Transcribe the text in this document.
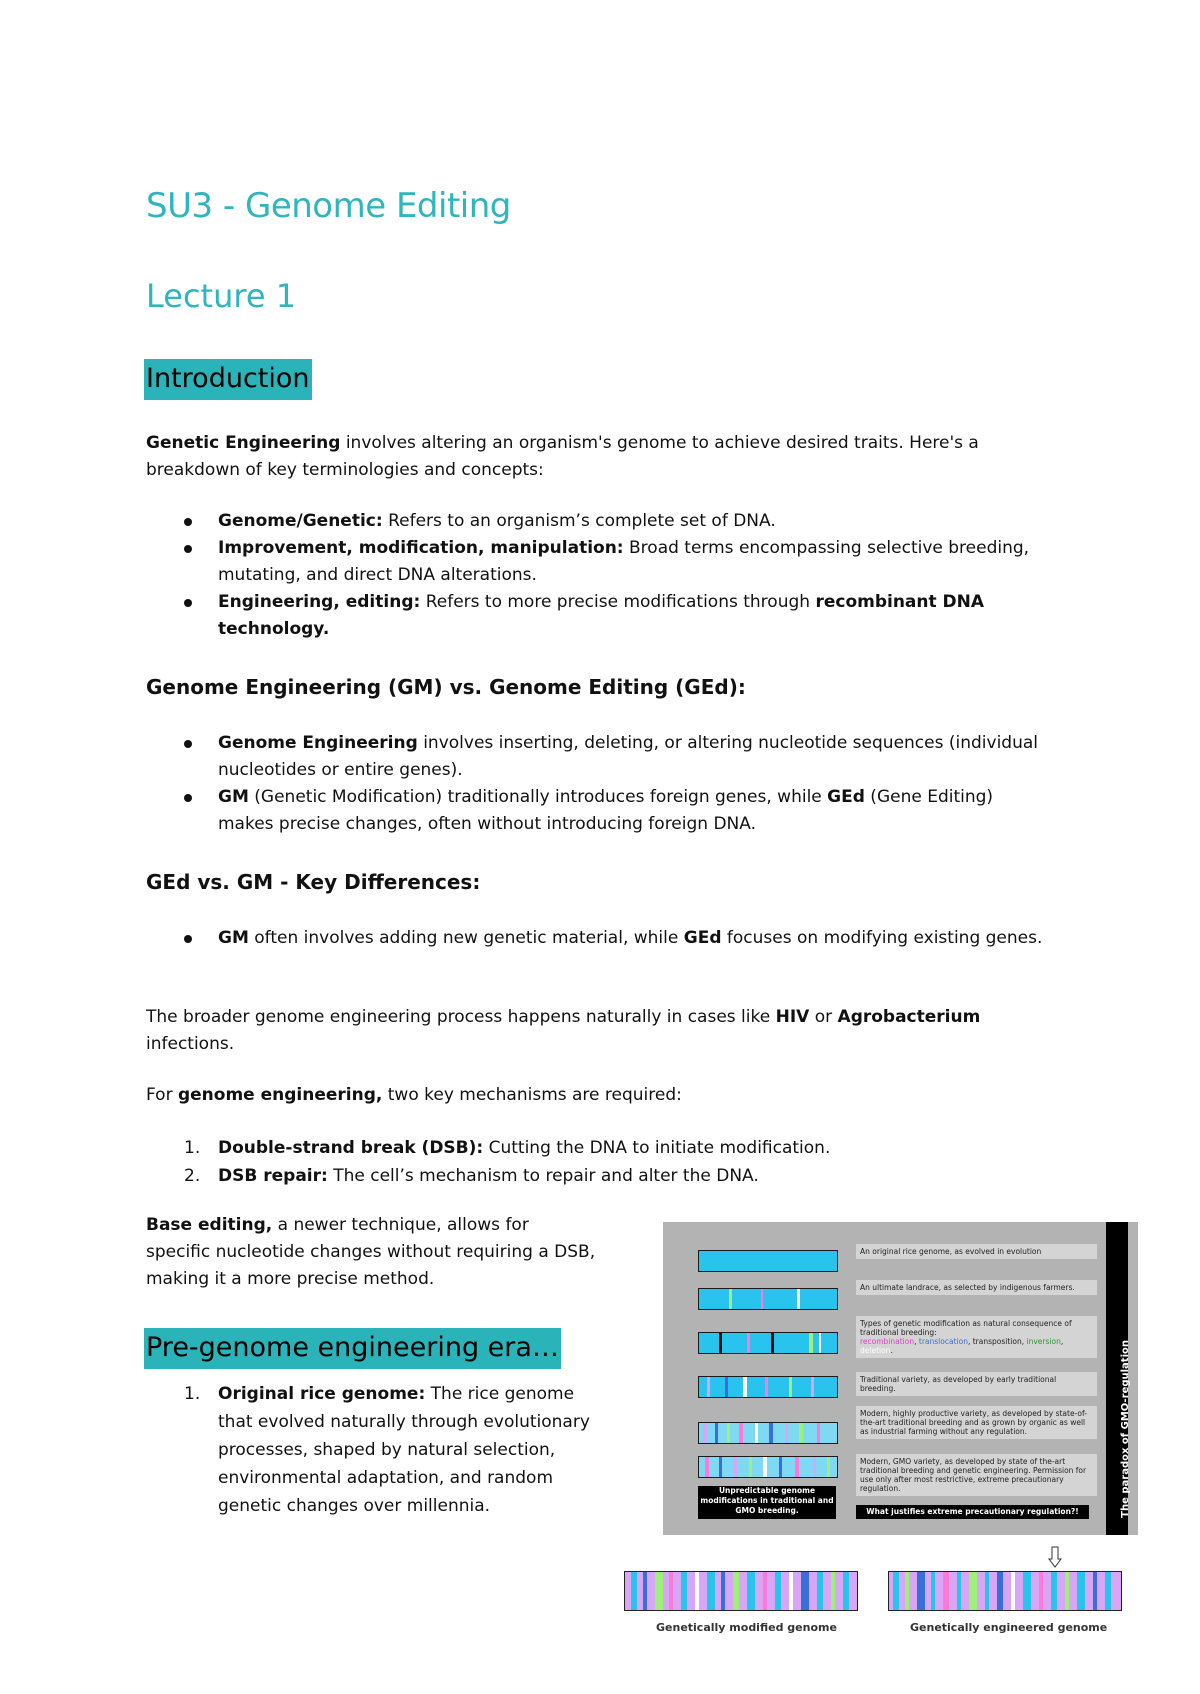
SU3 - Genome Editing
Lecture 1
Introduction

Genetic Engineering involves altering an organism's genome to achieve desired traits. Here's a breakdown of key terminologies and concepts:

Genome/Genetic: Refers to an organism’s complete set of DNA.
Improvement, modification, manipulation: Broad terms encompassing selective breeding, mutating, and direct DNA alterations.
Engineering, editing: Refers to more precise modifications through recombinant DNA technology.
Genome Engineering (GM) vs. Genome Editing (GEd):
Genome Engineering involves inserting, deleting, or altering nucleotide sequences (individual nucleotides or entire genes).
GM (Genetic Modification) traditionally introduces foreign genes, while GEd (Gene Editing) makes precise changes, often without introducing foreign DNA.
GEd vs. GM - Key Differences:
GM often involves adding new genetic material, while GEd focuses on modifying existing genes.

The broader genome engineering process happens naturally in cases like HIV or Agrobacterium infections.

For genome engineering, two key mechanisms are required:

1. Double-strand break (DSB): Cutting the DNA to initiate modification.
2. DSB repair: The cell’s mechanism to repair and alter the DNA.

Base editing, a newer technique, allows for specific nucleotide changes without requiring a DSB, making it a more precise method.

Pre-genome engineering era…
1. Original rice genome: The rice genome that evolved naturally through evolutionary processes, shaped by natural selection, environmental adaptation, and random genetic changes over millennia.	The paradox of GMO-regulation
An original rice genome, as evolved in evolution
An ultimate landrace, as selected by indigenous farmers.
Types of genetic modification as natural consequence of traditional breeding:
recombination, translocation, transposition, inversion, deletion.
Traditional variety, as developed by early traditional breeding.
Modern, highly productive variety, as developed by state-of-the-art traditional breeding and as grown by organic as well as industrial farming without any regulation.
Modern, GMO variety, as developed by state of the-art traditional breeding and genetic engineering. Permission for use only after most restrictive, extreme precautionary regulation.
Unpredictable genome modifications in traditional and GMO breeding.	What justifies extreme precautionary regulation?!
Genetically modified genome	Genetically engineered genome
